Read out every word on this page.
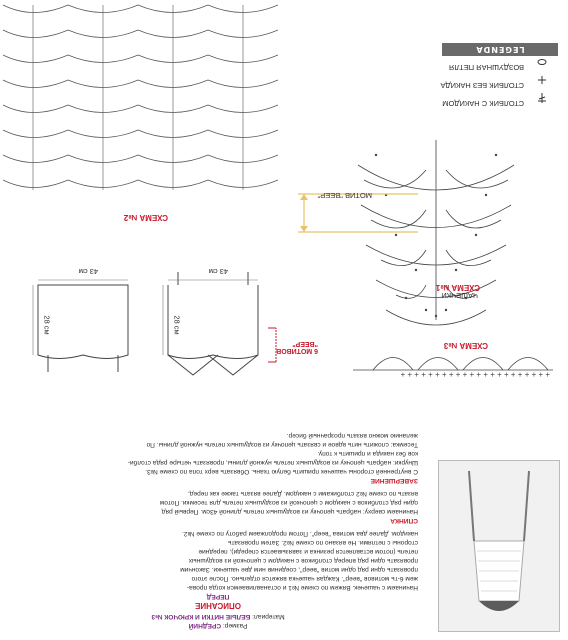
СТОЛБИК С НАКИДОМ
СТОЛБИК БЕЗ НАКИДА
ВОЗДУШНАЯ ПЕТЛЯ
LEGENDA
СХЕМА №1
ЧАШЕЧКИ
МОТИВ "ВЕЕР"
СХЕМА №2
43 см
43 см
28 см
28 см
6 МОТИВОВ
"ВЕЕР"
+ + + + + + + + + + + + + + + + + + + + + +
СХЕМА №3
Размер: СРЕДНИЙ
Материал: БЕЛЫЕ НИТКИ И КРЮЧОК №3
ОПИСАНИЕ
ПЕРЕД
Начинаем с чашечек. Вяжем по схеме №1 и останавливаемся когда прова-
жем 6-ть мотивов "веер". Каждая чашечка вяжется отдельно. После этого
провязать одни ряд одни мотив "веер", соединив ним две чашечки. Закончим
провязать один ряд вперед столбиков с накидом с цепочкой из воздушных
петель (потом вставляется резинка и завязывается спереди), передние
стороны с петлями. Не вязано по схеме №2. Затем провязать
накидом. Далее два мотива "веер". Потом продолжаем работу по схеме №2.
СПИНКА
Начинаем сверху: набрать цепочку из воздушных петель длиной 43см. Первый ряд
один ряд столбиков с накидом с цепочкой из воздушных петель для тесемки. Потом
вязать по схеме №2 столбиками с накидом. Далее вязать также как перед.
ЗАВЕРШЕНИЕ
С внутренней стороны чашечек пришить белую ткань. Обвязать верх топа по схеме №3.
Шнурки: набрать цепочку из воздушных петель нужной длины, провязать четыре ряда столби-
ков без накида и пришить к топу.
Тесемка: сложить нить вдвое и связать цепочку из воздушных петель нужной длины. По
желанию можно вязать прозрачный бисер.
